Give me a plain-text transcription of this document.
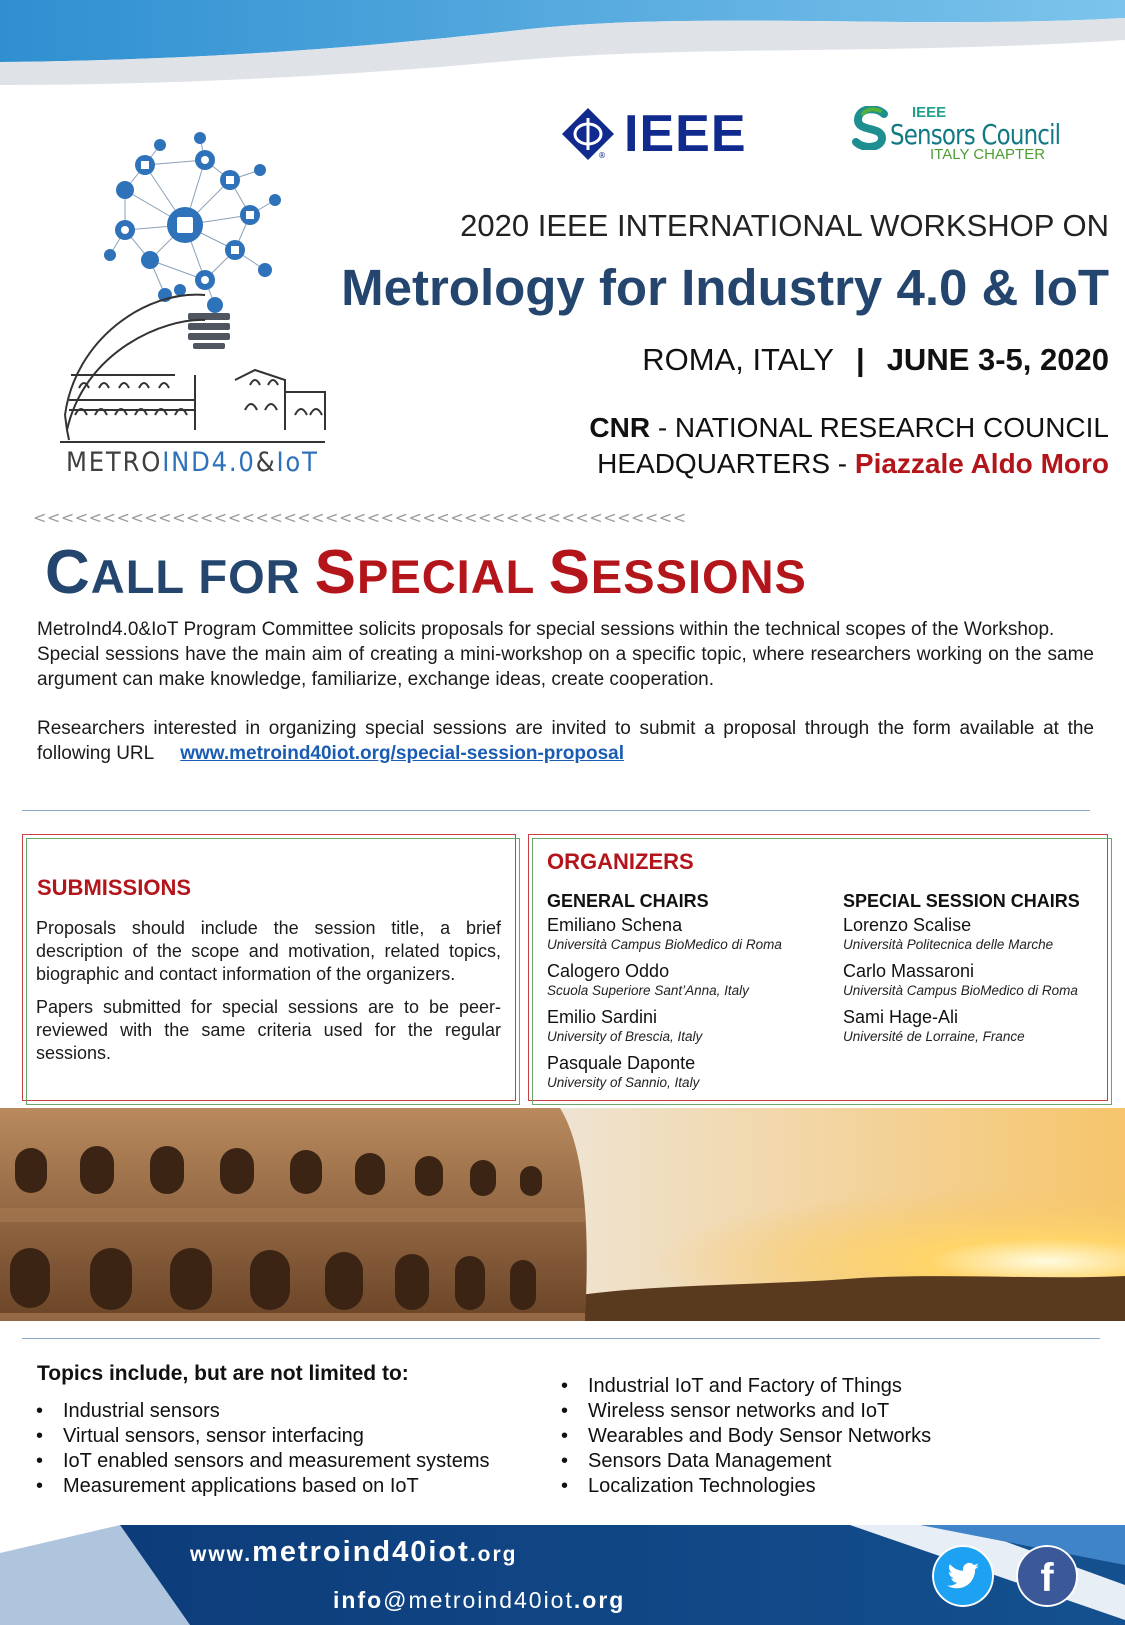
® IEEE	IEEE
Sensors Council
ITALY CHAPTER
METROIND4.0&IoT
2020 IEEE INTERNATIONAL WORKSHOP ON
Metrology for Industry 4.0 & IoT
ROMA, ITALY | JUNE 3-5, 2020
CNR - NATIONAL RESEARCH COUNCIL
HEADQUARTERS - Piazzale Aldo Moro
<<<<<<<<<<<<<<<<<<<<<<<<<<<<<<<<<<<<<<<<<<<<<<<
CALL FOR SPECIAL SESSIONS

MetroInd4.0&IoT Program Committee solicits proposals for special sessions within the technical scopes of the Workshop.

Special sessions have the main aim of creating a mini-workshop on a specific topic, where researchers working on the same argument can make knowledge, familiarize, exchange ideas, create cooperation.

Researchers interested in organizing special sessions are invited to submit a proposal through the form available at the following URL www.metroind40iot.org/special-session-proposal

SUBMISSIONS

Proposals should include the session title, a brief description of the scope and motivation, related topics, biographic and contact information of the organizers.

Papers submitted for special sessions are to be peer-reviewed with the same criteria used for the regular sessions.

ORGANIZERS
GENERAL CHAIRS
Emiliano Schena
Università Campus BioMedico di Roma
Calogero Oddo
Scuola Superiore Sant’Anna, Italy
Emilio Sardini
University of Brescia, Italy
Pasquale Daponte
University of Sannio, Italy
SPECIAL SESSION CHAIRS
Lorenzo Scalise
Università Politecnica delle Marche
Carlo Massaroni
Università Campus BioMedico di Roma
Sami Hage-Ali
Université de Lorraine, France
Topics include, but are not limited to:
• Industrial sensors
• Virtual sensors, sensor interfacing
• IoT enabled sensors and measurement systems
• Measurement applications based on IoT
• Industrial IoT and Factory of Things
• Wireless sensor networks and IoT
• Wearables and Body Sensor Networks
• Sensors Data Management
• Localization Technologies
www.metroind40iot.org
info@metroind40iot.org	f
